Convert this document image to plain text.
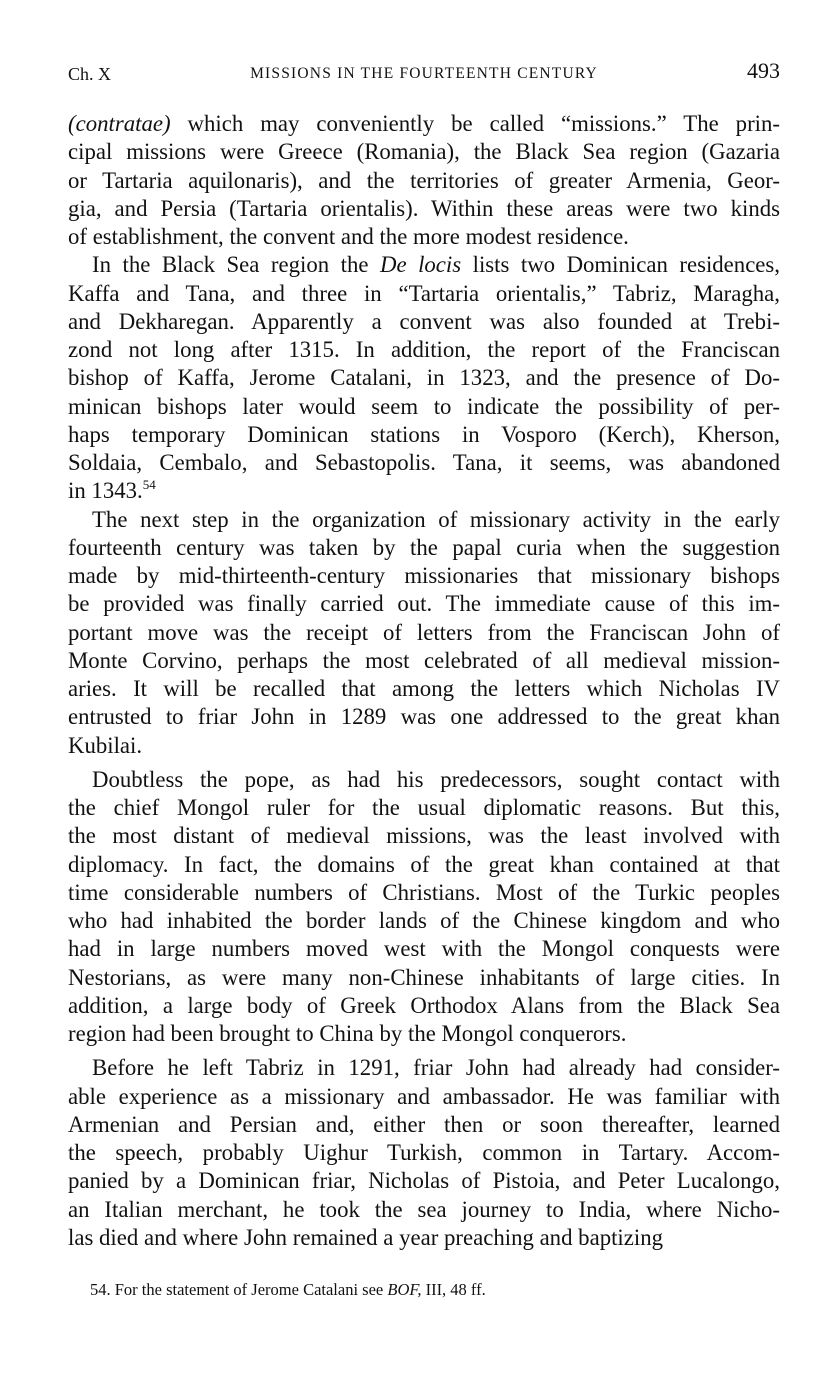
Ch. X	MISSIONS IN THE FOURTEENTH CENTURY	493
(contratae) which may conveniently be called “missions.” The prin-
cipal missions were Greece (Romania), the Black Sea region (Gazaria
or Tartaria aquilonaris), and the territories of greater Armenia, Geor-
gia, and Persia (Tartaria orientalis). Within these areas were two kinds
of establishment, the convent and the more modest residence.
In the Black Sea region the De locis lists two Dominican residences,
Kaffa and Tana, and three in “Tartaria orientalis,” Tabriz, Maragha,
and Dekharegan. Apparently a convent was also founded at Trebi-
zond not long after 1315. In addition, the report of the Franciscan
bishop of Kaffa, Jerome Catalani, in 1323, and the presence of Do-
minican bishops later would seem to indicate the possibility of per-
haps temporary Dominican stations in Vosporo (Kerch), Kherson,
Soldaia, Cembalo, and Sebastopolis. Tana, it seems, was abandoned
in 1343.54
The next step in the organization of missionary activity in the early
fourteenth century was taken by the papal curia when the suggestion
made by mid-thirteenth-century missionaries that missionary bishops
be provided was finally carried out. The immediate cause of this im-
portant move was the receipt of letters from the Franciscan John of
Monte Corvino, perhaps the most celebrated of all medieval mission-
aries. It will be recalled that among the letters which Nicholas IV
entrusted to friar John in 1289 was one addressed to the great khan
Kubilai.
Doubtless the pope, as had his predecessors, sought contact with
the chief Mongol ruler for the usual diplomatic reasons. But this,
the most distant of medieval missions, was the least involved with
diplomacy. In fact, the domains of the great khan contained at that
time considerable numbers of Christians. Most of the Turkic peoples
who had inhabited the border lands of the Chinese kingdom and who
had in large numbers moved west with the Mongol conquests were
Nestorians, as were many non-Chinese inhabitants of large cities. In
addition, a large body of Greek Orthodox Alans from the Black Sea
region had been brought to China by the Mongol conquerors.
Before he left Tabriz in 1291, friar John had already had consider-
able experience as a missionary and ambassador. He was familiar with
Armenian and Persian and, either then or soon thereafter, learned
the speech, probably Uighur Turkish, common in Tartary. Accom-
panied by a Dominican friar, Nicholas of Pistoia, and Peter Lucalongo,
an Italian merchant, he took the sea journey to India, where Nicho-
las died and where John remained a year preaching and baptizing
54. For the statement of Jerome Catalani see BOF, III, 48 ff.
